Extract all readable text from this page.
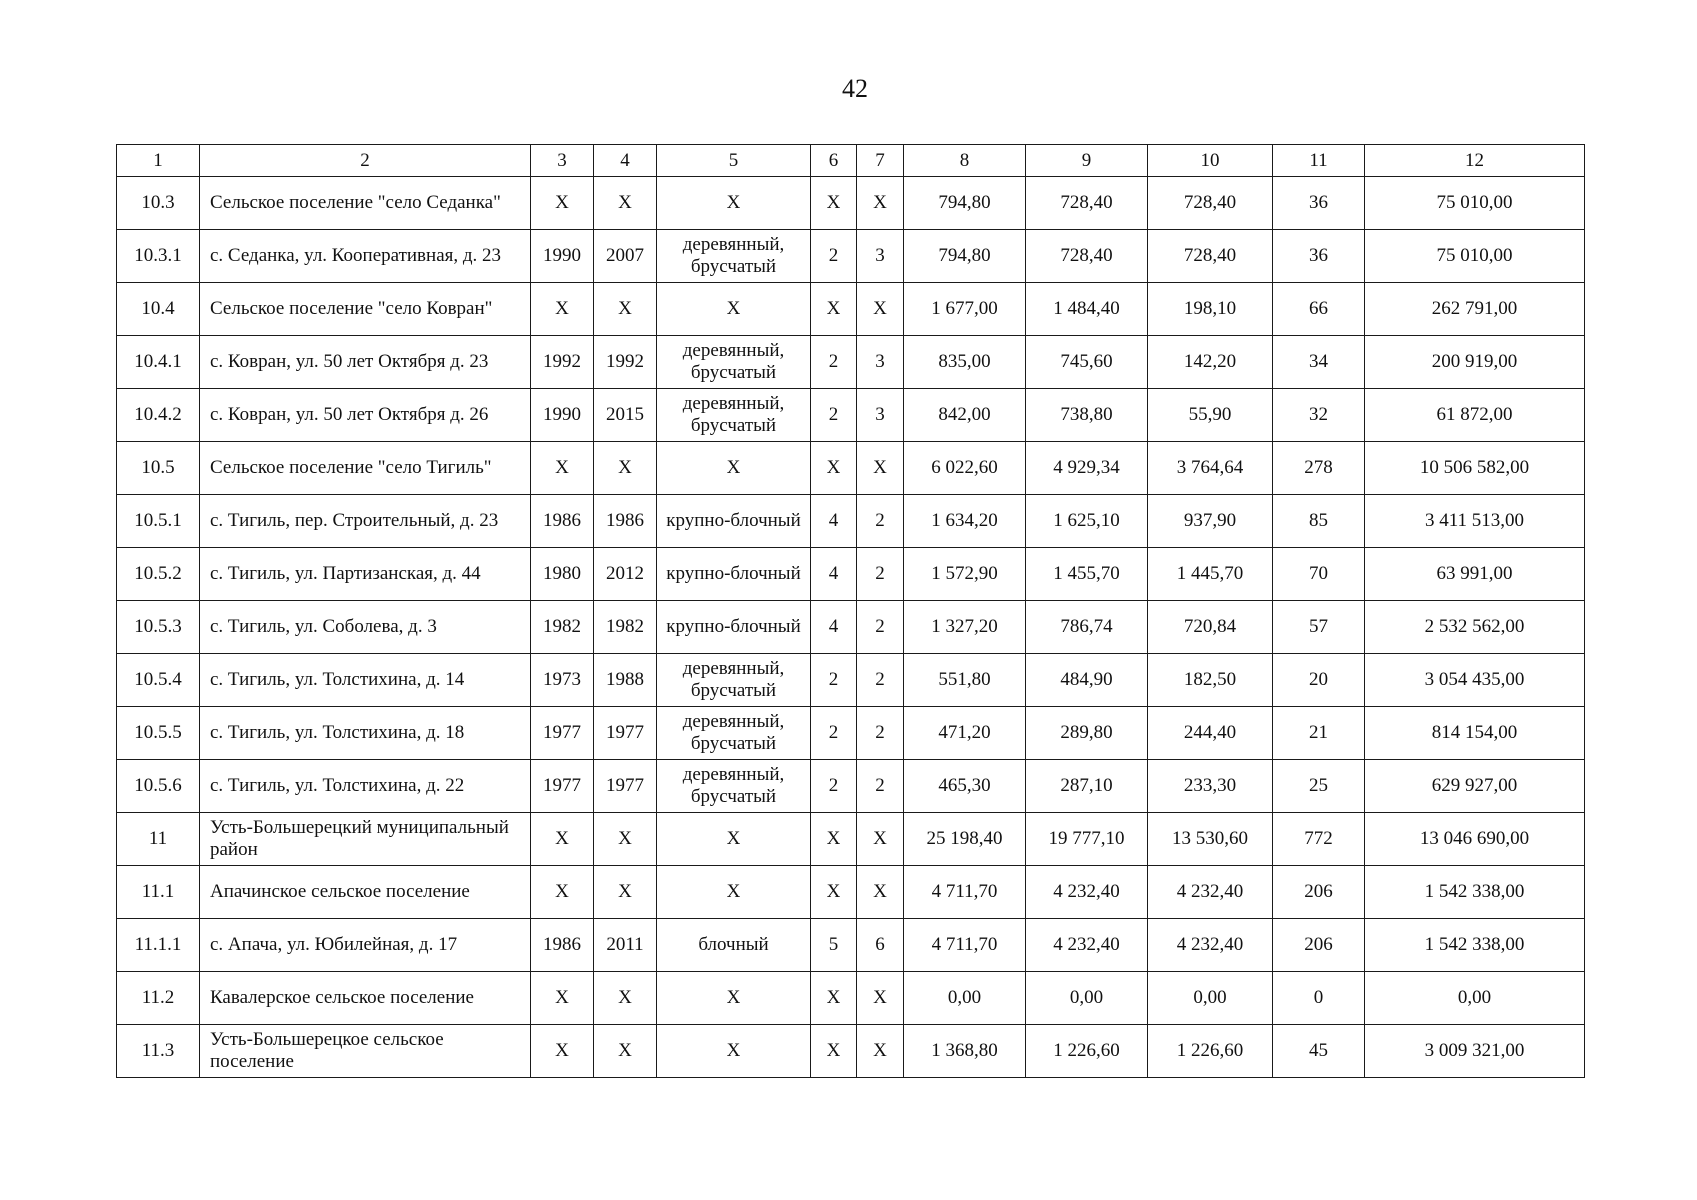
42
1	2	3	4	5	6	7	8	9	10	11	12
10.3	Сельское поселение "село Седанка"	X	X	X	X	X	794,80	728,40	728,40	36	75 010,00
10.3.1	с. Седанка, ул. Кооперативная, д. 23	1990	2007	деревянный, брусчатый	2	3	794,80	728,40	728,40	36	75 010,00
10.4	Сельское поселение "село Ковран"	X	X	X	X	X	1 677,00	1 484,40	198,10	66	262 791,00
10.4.1	с. Ковран, ул. 50 лет Октября д. 23	1992	1992	деревянный, брусчатый	2	3	835,00	745,60	142,20	34	200 919,00
10.4.2	с. Ковран, ул. 50 лет Октября д. 26	1990	2015	деревянный, брусчатый	2	3	842,00	738,80	55,90	32	61 872,00
10.5	Сельское поселение "село Тигиль"	X	X	X	X	X	6 022,60	4 929,34	3 764,64	278	10 506 582,00
10.5.1	с. Тигиль, пер. Строительный, д. 23	1986	1986	крупно-блочный	4	2	1 634,20	1 625,10	937,90	85	3 411 513,00
10.5.2	с. Тигиль, ул. Партизанская, д. 44	1980	2012	крупно-блочный	4	2	1 572,90	1 455,70	1 445,70	70	63 991,00
10.5.3	с. Тигиль, ул. Соболева, д. 3	1982	1982	крупно-блочный	4	2	1 327,20	786,74	720,84	57	2 532 562,00
10.5.4	с. Тигиль, ул. Толстихина, д. 14	1973	1988	деревянный, брусчатый	2	2	551,80	484,90	182,50	20	3 054 435,00
10.5.5	с. Тигиль, ул. Толстихина, д. 18	1977	1977	деревянный, брусчатый	2	2	471,20	289,80	244,40	21	814 154,00
10.5.6	с. Тигиль, ул. Толстихина, д. 22	1977	1977	деревянный, брусчатый	2	2	465,30	287,10	233,30	25	629 927,00
11	Усть-Большерецкий муниципальный район	X	X	X	X	X	25 198,40	19 777,10	13 530,60	772	13 046 690,00
11.1	Апачинское сельское поселение	X	X	X	X	X	4 711,70	4 232,40	4 232,40	206	1 542 338,00
11.1.1	с. Апача, ул. Юбилейная, д. 17	1986	2011	блочный	5	6	4 711,70	4 232,40	4 232,40	206	1 542 338,00
11.2	Кавалерское сельское поселение	X	X	X	X	X	0,00	0,00	0,00	0	0,00
11.3	Усть-Большерецкое сельское поселение	X	X	X	X	X	1 368,80	1 226,60	1 226,60	45	3 009 321,00
